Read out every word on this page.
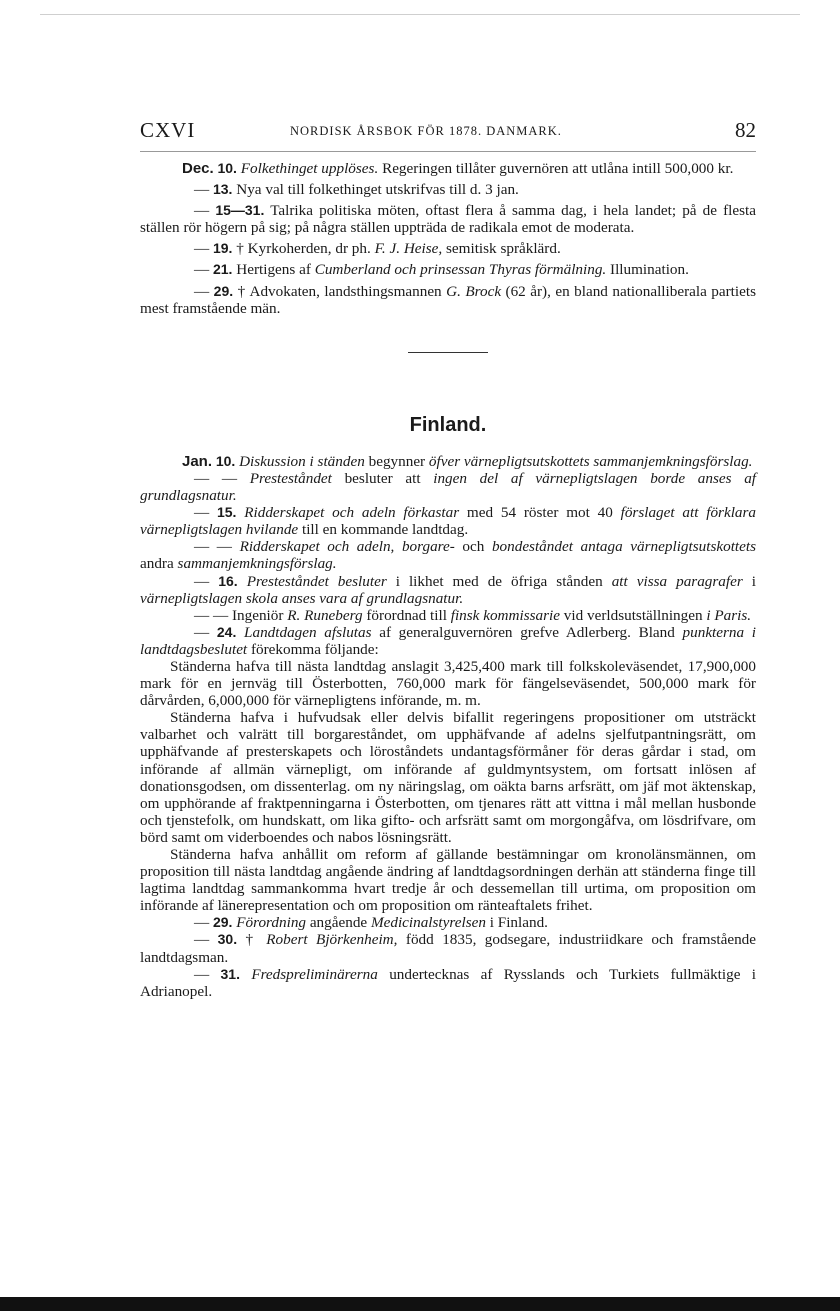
CXVI	NORDISK ÅRSBOK FÖR 1878. DANMARK.	82

Dec. 10. Folkethinget upplöses. Regeringen tillåter guvernören att utlåna intill 500,000 kr.

— 13. Nya val till folkethinget utskrifvas till d. 3 jan.

— 15—31. Talrika politiska möten, oftast flera å samma dag, i hela landet; på de flesta ställen rör högern på sig; på några ställen uppträda de radikala emot de moderata.

— 19. † Kyrkoherden, dr ph. F. J. Heise, semitisk språklärd.

— 21. Hertigens af Cumberland och prinsessan Thyras förmälning. Illumination.

— 29. † Advokaten, landsthingsmannen G. Brock (62 år), en bland nationalliberala partiets mest framstående män.

Finland.

Jan. 10. Diskussion i ständen begynner öfver värnepligtsutskottets sammanjemkningsförslag.

— — Presteståndet besluter att ingen del af värnepligtslagen borde anses af grundlagsnatur.

— 15. Ridderskapet och adeln förkastar med 54 röster mot 40 förslaget att förklara värnepligtslagen hvilande till en kommande landtdag.

— — Ridderskapet och adeln, borgare- och bondeståndet antaga värnepligtsutskottets andra sammanjemkningsförslag.

— 16. Presteståndet besluter i likhet med de öfriga stånden att vissa paragrafer i värnepligtslagen skola anses vara af grundlagsnatur.

— — Ingeniör R. Runeberg förordnad till finsk kommissarie vid verldsutställningen i Paris.

— 24. Landtdagen afslutas af generalguvernören grefve Adlerberg. Bland punkterna i landtdagsbeslutet förekomma följande:

Ständerna hafva till nästa landtdag anslagit 3,425,400 mark till folkskoleväsendet, 17,900,000 mark för en jernväg till Österbotten, 760,000 mark för fängelseväsendet, 500,000 mark för dårvården, 6,000,000 för värnepligtens införande, m. m.

Ständerna hafva i hufvudsak eller delvis bifallit regeringens propositioner om utsträckt valbarhet och valrätt till borgareståndet, om upphäfvande af adelns sjelfutpantningsrätt, om upphäfvande af presterskapets och löroståndets undantagsförmåner för deras gårdar i stad, om införande af allmän värnepligt, om införande af guldmyntsystem, om fortsatt inlösen af donationsgodsen, om dissenterlag. om ny näringslag, om oäkta barns arfsrätt, om jäf mot äktenskap, om upphörande af fraktpenningarna i Österbotten, om tjenares rätt att vittna i mål mellan husbonde och tjenstefolk, om hundskatt, om lika gifto- och arfsrätt samt om morgongåfva, om lösdrifvare, om börd samt om viderboendes och nabos lösningsrätt.

Ständerna hafva anhållit om reform af gällande bestämningar om kronolänsmännen, om proposition till nästa landtdag angående ändring af landtdagsordningen derhän att ständerna finge till lagtima landtdag sammankomma hvart tredje år och dessemellan till urtima, om proposition om införande af länerepresentation och om proposition om ränteaftalets frihet.

— 29. Förordning angående Medicinalstyrelsen i Finland.

— 30. † Robert Björkenheim, född 1835, godsegare, industriidkare och framstående landtdagsman.

— 31. Fredspreliminärerna undertecknas af Rysslands och Turkiets fullmäktige i Adrianopel.
